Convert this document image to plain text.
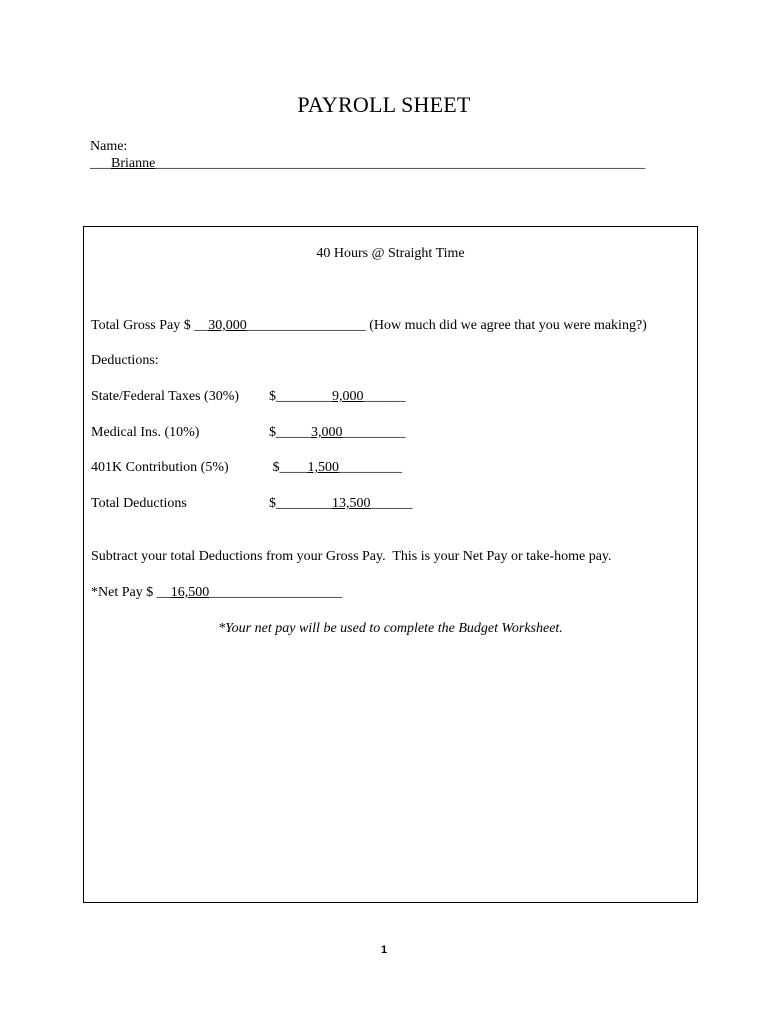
PAYROLL SHEET
Name:
___Brianne______________________________________________________________________
40 Hours @ Straight Time
Total Gross Pay $ __30,000_________________ (How much did we agree that you were making?)
Deductions:
State/Federal Taxes (30%) $________9,000______
Medical Ins. (10%)	$_____3,000_________
401K Contribution (5%)	$____1,500_________
Total Deductions	$________13,500______
Subtract your total Deductions from your Gross Pay.  This is your Net Pay or take-home pay.
*Net Pay $ __16,500___________________
*Your net pay will be used to complete the Budget Worksheet.
1
